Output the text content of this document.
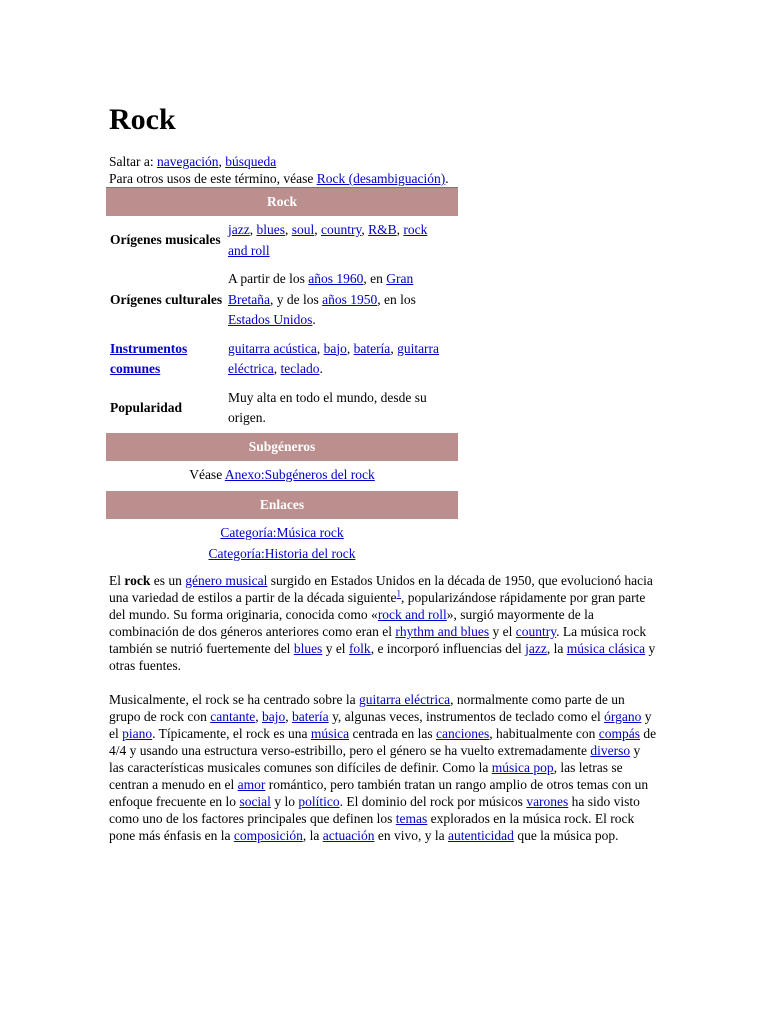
Rock
Saltar a: navegación, búsqueda
Para otros usos de este término, véase Rock (desambiguación).
Rock
Orígenes musicales
jazz, blues, soul, country, R&B, rock and roll
Orígenes culturales
A partir de los años 1960, en Gran Bretaña, y de los años 1950, en los Estados Unidos.
Instrumentos comunes
guitarra acústica, bajo, batería, guitarra eléctrica, teclado.
Popularidad
Muy alta en todo el mundo, desde su origen.
Subgéneros
Véase Anexo:Subgéneros del rock
Enlaces
Categoría:Música rock
Categoría:Historia del rock

El rock es un género musical surgido en Estados Unidos en la década de 1950, que evolucionó hacia una variedad de estilos a partir de la década siguiente$^1$, popularizándose rápidamente por gran parte del mundo. Su forma originaria, conocida como «rock and roll», surgió mayormente de la combinación de dos géneros anteriores como eran el rhythm and blues y el country. La música rock también se nutrió fuertemente del blues y el folk, e incorporó influencias del jazz, la música clásica y otras fuentes.

Musicalmente, el rock se ha centrado sobre la guitarra eléctrica, normalmente como parte de un grupo de rock con cantante, bajo, batería y, algunas veces, instrumentos de teclado como el órgano y el piano. Típicamente, el rock es una música centrada en las canciones, habitualmente con compás de 4/4 y usando una estructura verso-estribillo, pero el género se ha vuelto extremadamente diverso y las características musicales comunes son difíciles de definir. Como la música pop, las letras se centran a menudo en el amor romántico, pero también tratan un rango amplio de otros temas con un enfoque frecuente en lo social y lo político. El dominio del rock por músicos varones ha sido visto como uno de los factores principales que definen los temas explorados en la música rock. El rock pone más énfasis en la composición, la actuación en vivo, y la autenticidad que la música pop.
